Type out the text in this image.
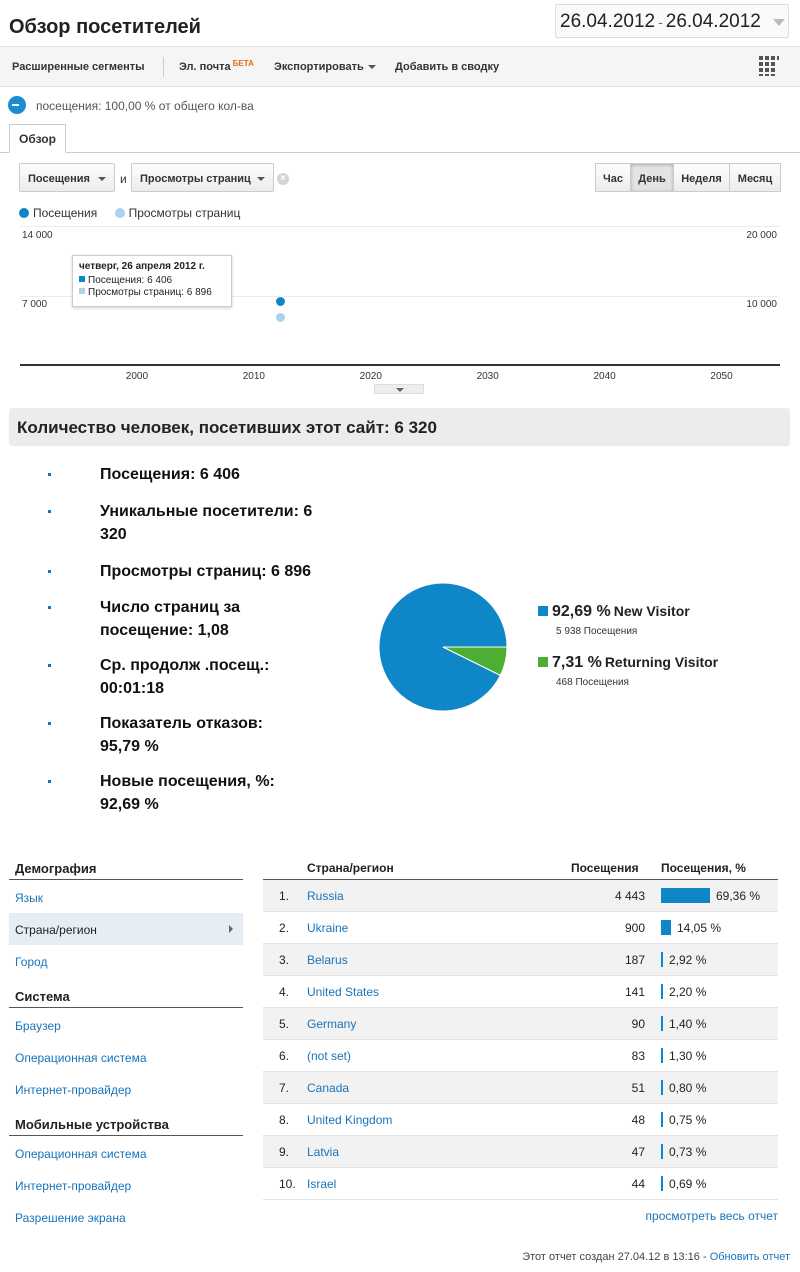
Обзор посетителей	26.04.2012 - 26.04.2012
Расширенные сегменты	Эл. почта $^{БЕТА}$ Экспортировать	Добавить в сводку
посещения: 100,00 % от общего кол-ва
Обзор
Посещения	и	Просмотры страниц	×	Час	День	Неделя	Месяц
Посещения	Просмотры страниц
14 000
7 000
20 000
10 000
2000	2010	2020	2030	2040	2050
четверг, 26 апреля 2012 г.
Посещения: 6 406
Просмотры страниц: 6 896
Количество человек, посетивших этот сайт: 6 320
Посещения: 6 406
Уникальные посетители: 6 320
Просмотры страниц: 6 896
Число страниц за посещение: 1,08
Ср. продолж .посещ.: 00:01:18
Показатель отказов: 95,79 %
Новые посещения, %: 92,69 %
92,69 % New Visitor
5 938 Посещения
7,31 % Returning Visitor
468 Посещения
Демография
Язык
Страна/регион
Город
Система
Браузер
Операционная система
Интернет-провайдер
Мобильные устройства
Операционная система
Интернет-провайдер
Разрешение экрана
Страна/регион	Посещения Посещения, %
1. Russia	4 443	69,36 %
2. Ukraine	900	14,05 %
3. Belarus	187 2,92 %
4. United States	141 2,20 %
5. Germany	90 1,40 %
6. (not set)	83 1,30 %
7. Canada	51 0,80 %
8. United Kingdom	48 0,75 %
9. Latvia	47 0,73 %
10. Israel	44 0,69 %
просмотреть весь отчет
Этот отчет создан 27.04.12 в 13:16 - Обновить отчет
